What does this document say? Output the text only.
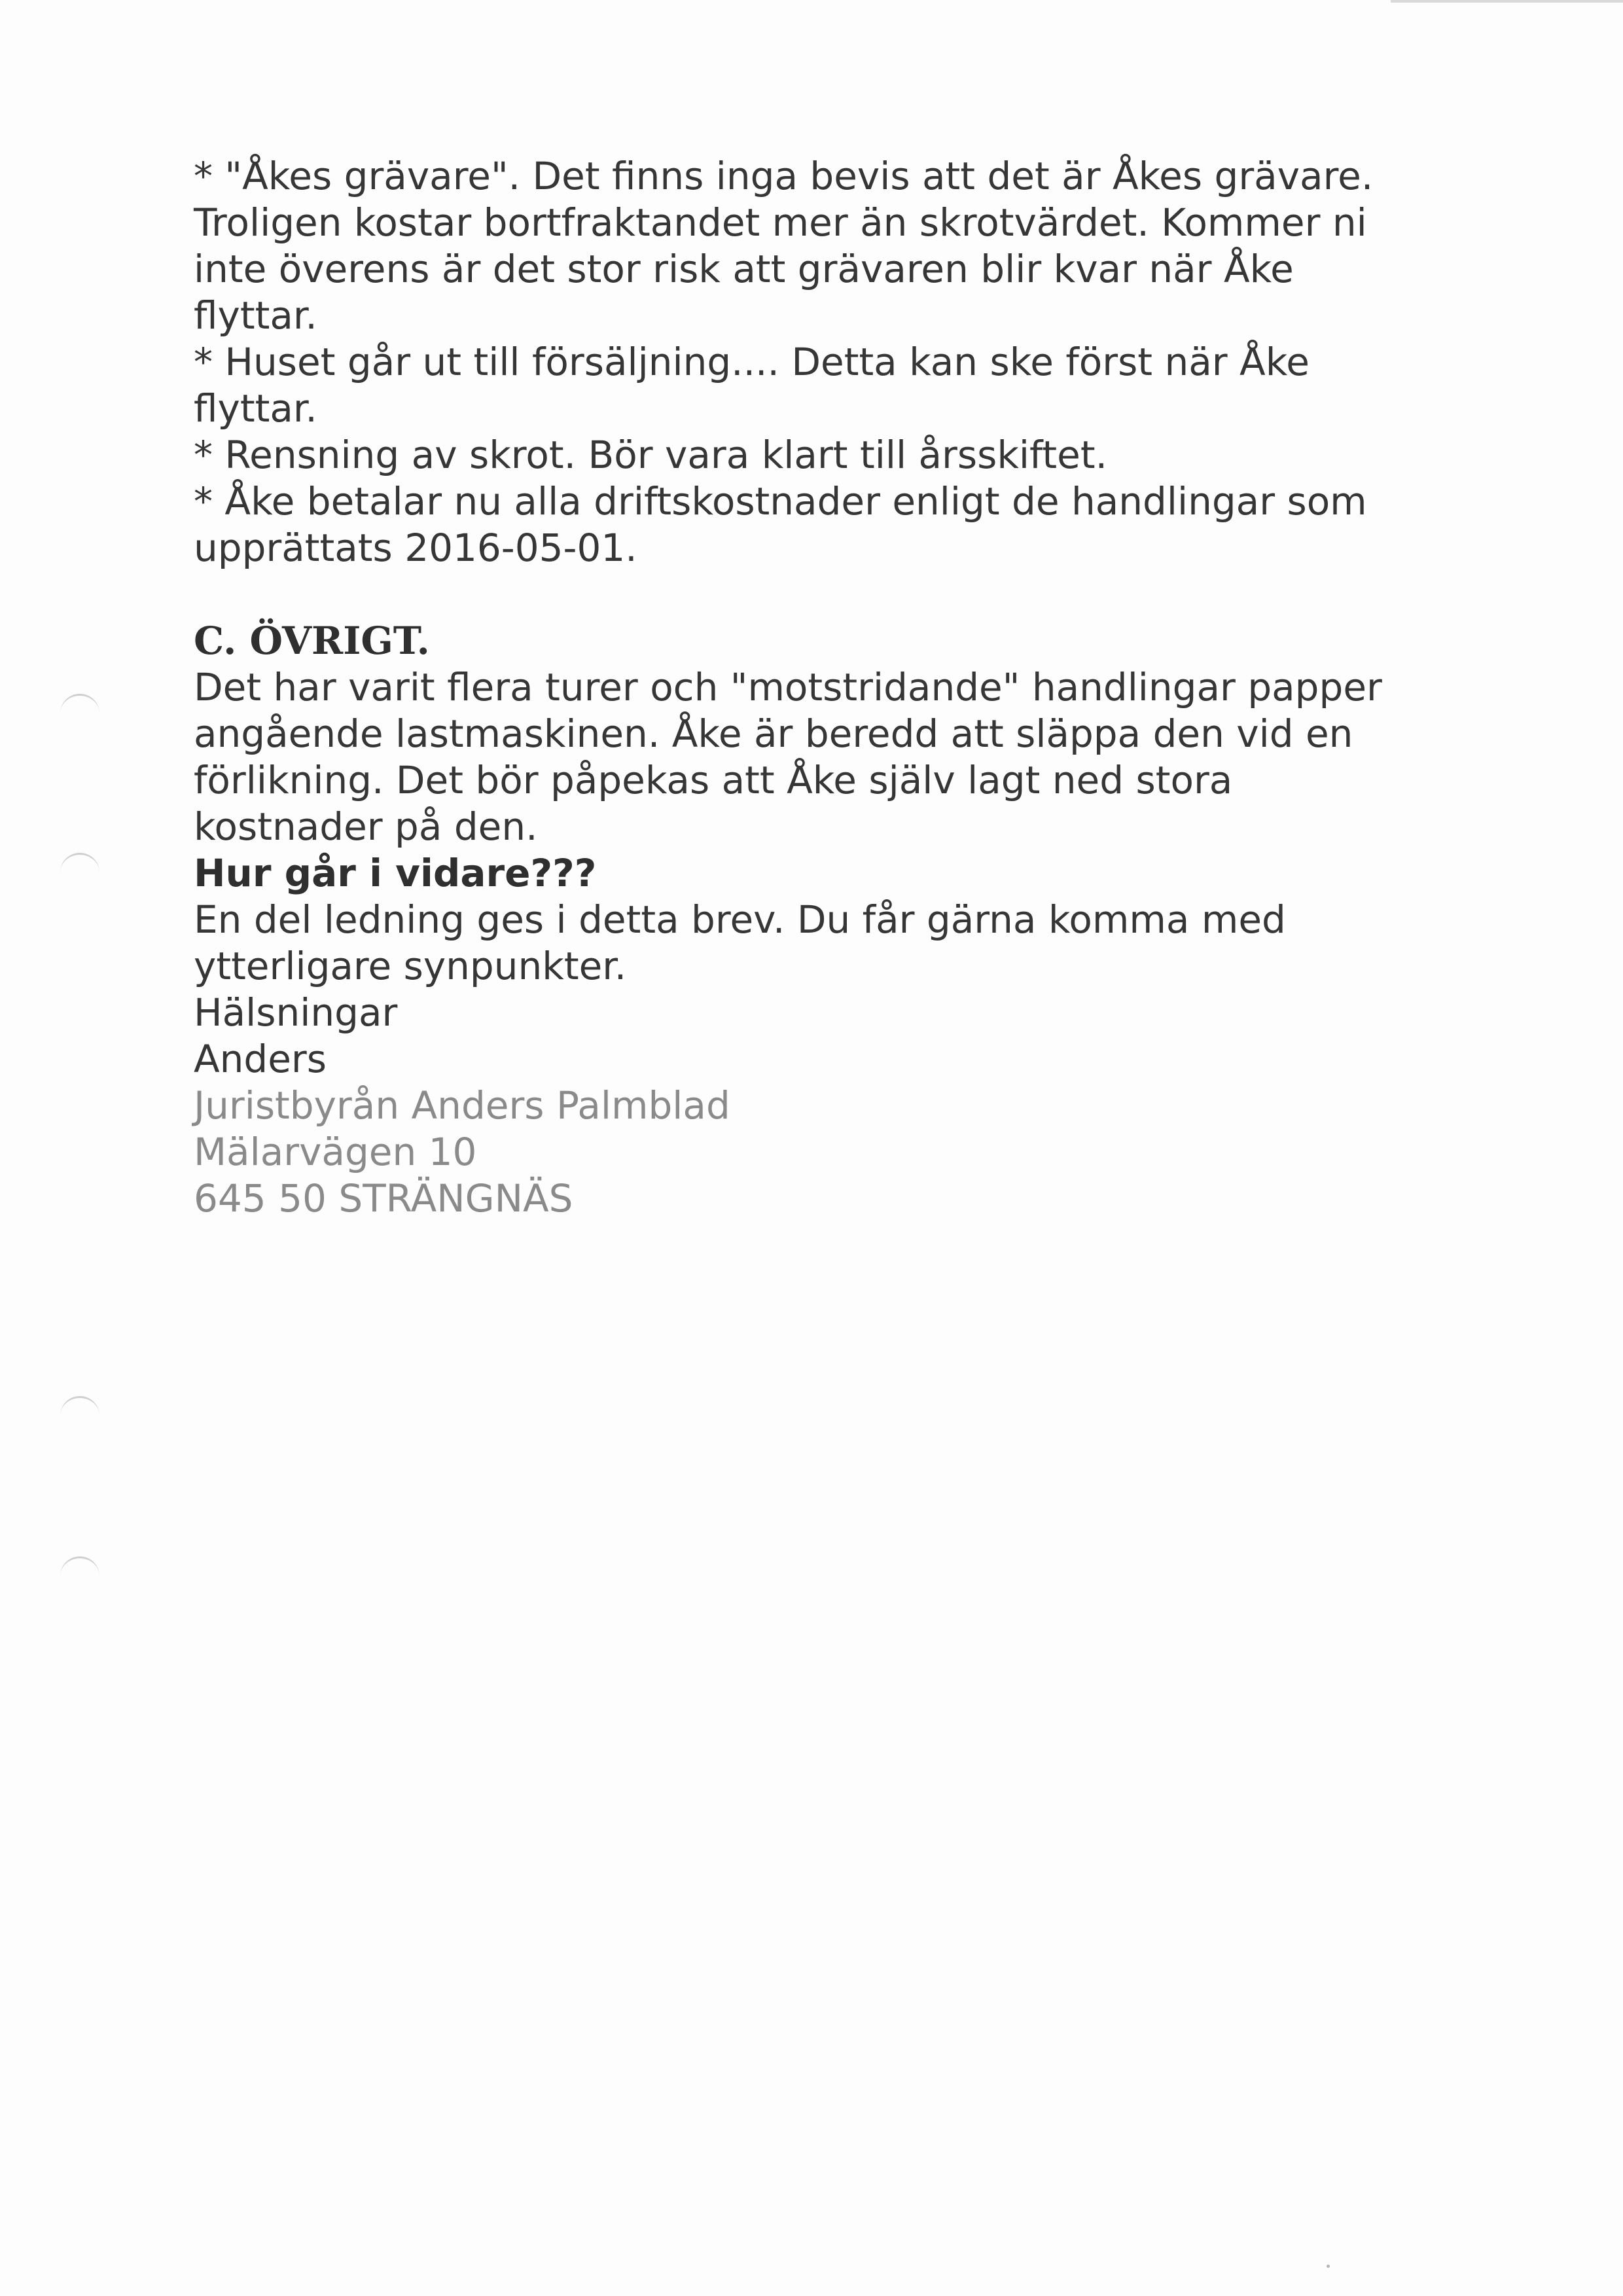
* "Åkes grävare". Det finns inga bevis att det är Åkes grävare.
Troligen kostar bortfraktandet mer än skrotvärdet. Kommer ni
inte överens är det stor risk att grävaren blir kvar när Åke
flyttar.
* Huset går ut till försäljning.... Detta kan ske först när Åke
flyttar.
* Rensning av skrot. Bör vara klart till årsskiftet.
* Åke betalar nu alla driftskostnader enligt de handlingar som
upprättats 2016-05-01.
C. ÖVRIGT.
Det har varit flera turer och "motstridande" handlingar papper
angående lastmaskinen. Åke är beredd att släppa den vid en
förlikning. Det bör påpekas att Åke själv lagt ned stora
kostnader på den.
Hur går i vidare???
En del ledning ges i detta brev. Du får gärna komma med
ytterligare synpunkter.
Hälsningar
Anders
Juristbyrån Anders Palmblad
Mälarvägen 10
645 50 STRÄNGNÄS
